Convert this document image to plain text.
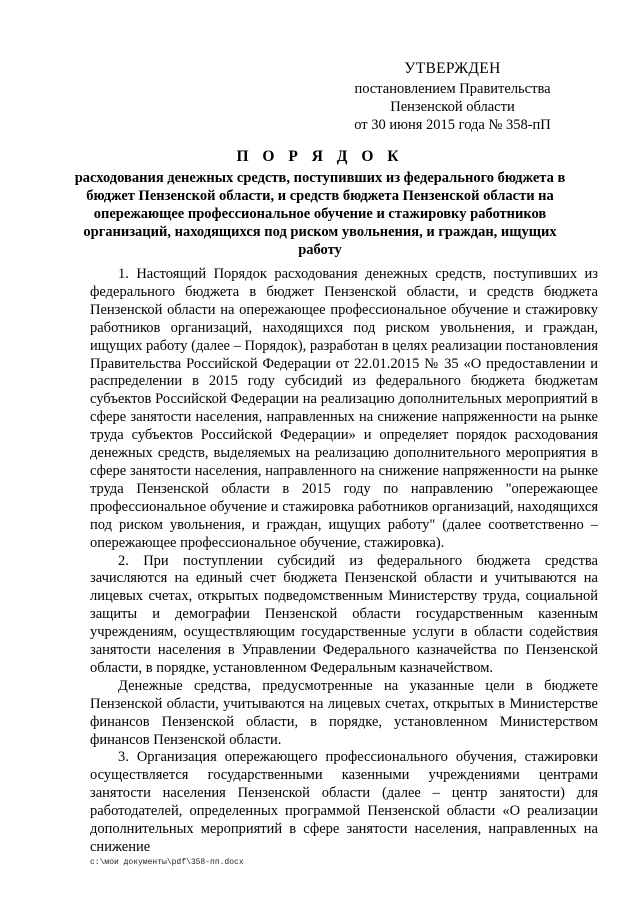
УТВЕРЖДЕН
постановлением Правительства
Пензенской области
от 30 июня 2015 года № 358-пП
П О Р Я Д О К
расходования денежных средств, поступивших из федерального бюджета в бюджет Пензенской области, и средств бюджета Пензенской области на опережающее профессиональное обучение и стажировку работников организаций, находящихся под риском увольнения, и граждан, ищущих работу

1. Настоящий Порядок расходования денежных средств, поступивших из федерального бюджета в бюджет Пензенской области, и средств бюджета Пензенской области на опережающее профессиональное обучение и стажировку работников организаций, находящихся под риском увольнения, и граждан, ищущих работу (далее – Порядок), разработан в целях реализации постановления Правительства Российской Федерации от 22.01.2015 № 35 «О предоставлении и распределении в 2015 году субсидий из федерального бюджета бюджетам субъектов Российской Федерации на реализацию дополнительных мероприятий в сфере занятости населения, направленных на снижение напряженности на рынке труда субъектов Российской Федерации» и определяет порядок расходования денежных средств, выделяемых на реализацию дополнительного мероприятия в сфере занятости населения, направленного на снижение напряженности на рынке труда Пензенской области в 2015 году по направлению "опережающее профессиональное обучение и стажировка работников организаций, находящихся под риском увольнения, и граждан, ищущих работу" (далее соответственно – опережающее профессиональное обучение, стажировка).

2. При поступлении субсидий из федерального бюджета средства зачисляются на единый счет бюджета Пензенской области и учитываются на лицевых счетах, открытых подведомственным Министерству труда, социальной защиты и демографии Пензенской области государственным казенным учреждениям, осуществляющим государственные услуги в области содействия занятости населения в Управлении Федерального казначейства по Пензенской области, в порядке, установленном Федеральным казначейством.

Денежные средства, предусмотренные на указанные цели в бюджете Пензенской области, учитываются на лицевых счетах, открытых в Министерстве финансов Пензенской области, в порядке, установленном Министерством финансов Пензенской области.

3. Организация опережающего профессионального обучения, стажировки осуществляется государственными казенными учреждениями центрами занятости населения Пензенской области (далее – центр занятости) для работодателей, определенных программой Пензенской области «О реализации дополнительных мероприятий в сфере занятости населения, направленных на снижение

c:\мои документы\pdf\358-пп.docx
